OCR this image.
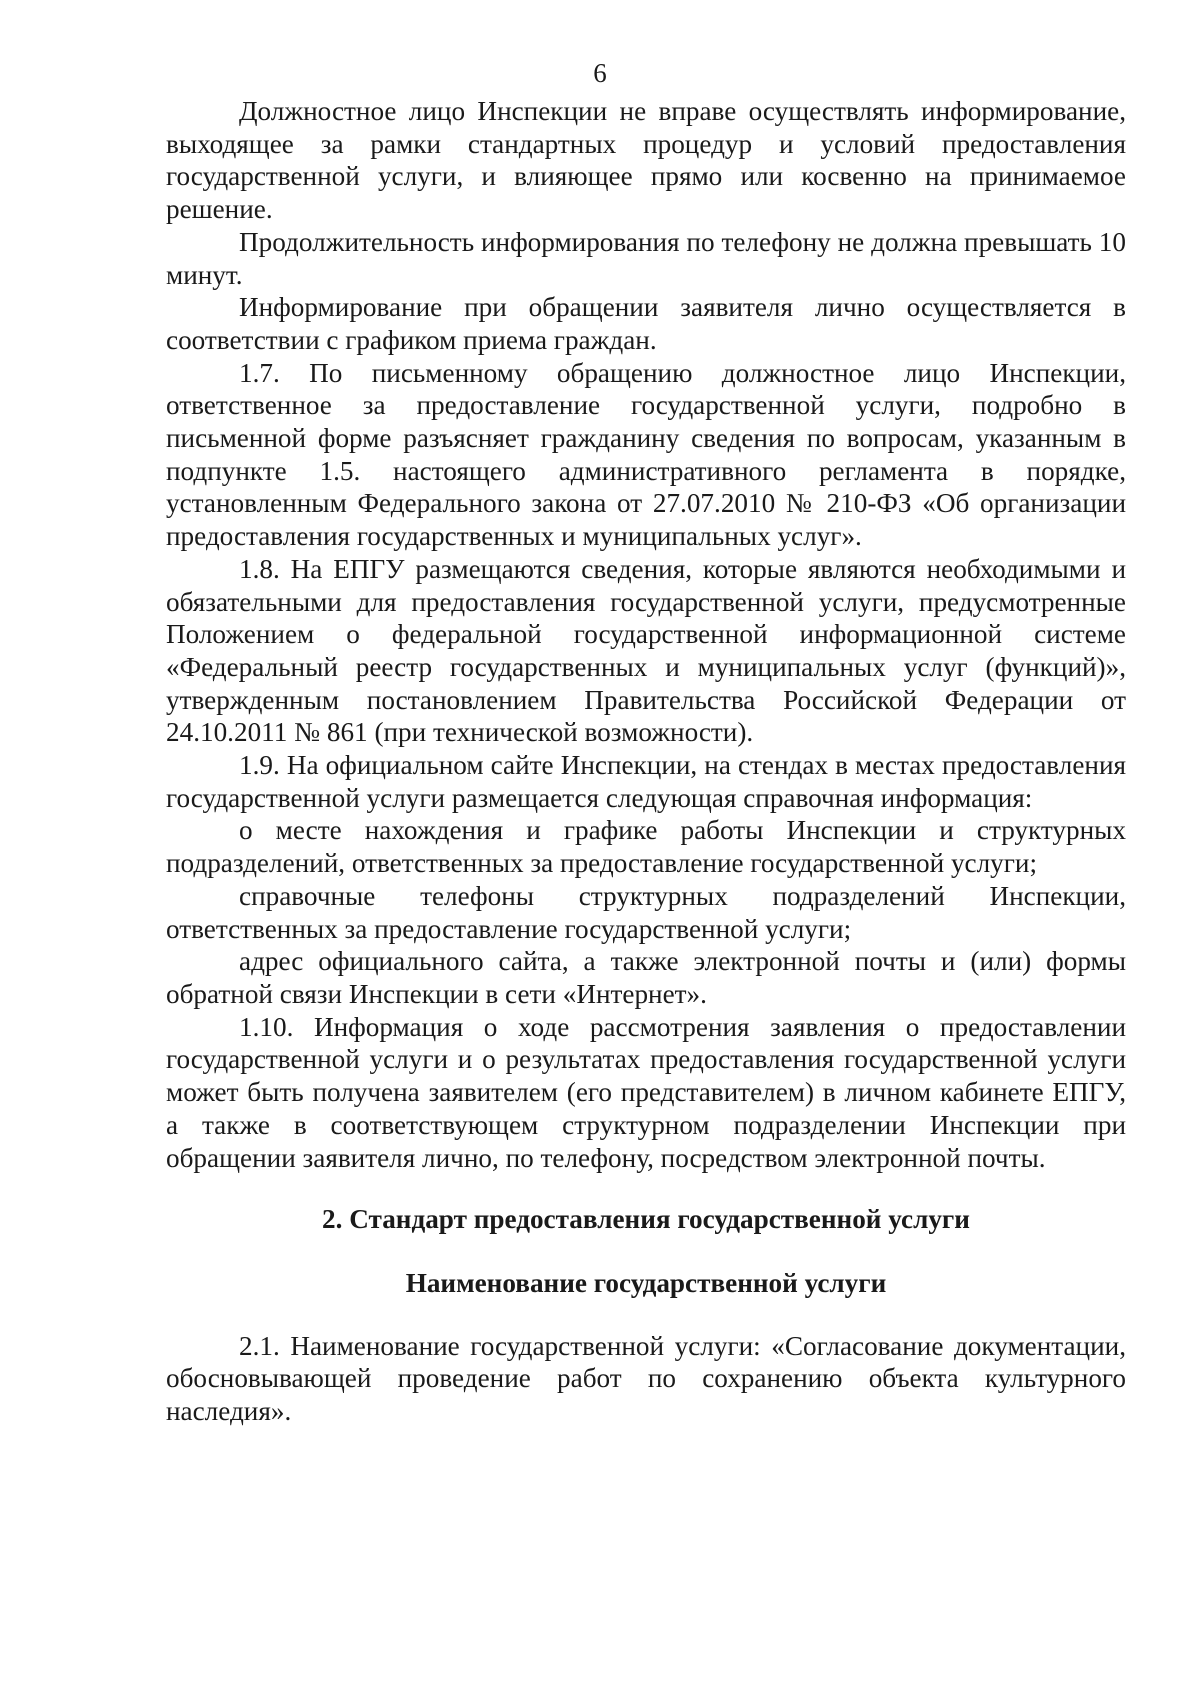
6

Должностное лицо Инспекции не вправе осуществлять информирование, выходящее за рамки стандартных процедур и условий предоставления государственной услуги, и влияющее прямо или косвенно на принимаемое решение.

Продолжительность информирования по телефону не должна превышать 10 минут.

Информирование при обращении заявителя лично осуществляется в соответствии с графиком приема граждан.

1.7. По письменному обращению должностное лицо Инспекции, ответственное за предоставление государственной услуги, подробно в письменной форме разъясняет гражданину сведения по вопросам, указанным в подпункте 1.5. настоящего административного регламента в порядке, установленным Федерального закона от 27.07.2010 № 210-ФЗ «Об организации предоставления государственных и муниципальных услуг».

1.8. На ЕПГУ размещаются сведения, которые являются необходимыми и обязательными для предоставления государственной услуги, предусмотренные Положением о федеральной государственной информационной системе «Федеральный реестр государственных и муниципальных услуг (функций)», утвержденным постановлением Правительства Российской Федерации от 24.10.2011 № 861 (при технической возможности).

1.9. На официальном сайте Инспекции, на стендах в местах предоставления государственной услуги размещается следующая справочная информация:

о месте нахождения и графике работы Инспекции и структурных подразделений, ответственных за предоставление государственной услуги;

справочные телефоны структурных подразделений Инспекции, ответственных за предоставление государственной услуги;

адрес официального сайта, а также электронной почты и (или) формы обратной связи Инспекции в сети «Интернет».

1.10. Информация о ходе рассмотрения заявления о предоставлении государственной услуги и о результатах предоставления государственной услуги может быть получена заявителем (его представителем) в личном кабинете ЕПГУ, а также в соответствующем структурном подразделении Инспекции при обращении заявителя лично, по телефону, посредством электронной почты.

2. Стандарт предоставления государственной услуги

Наименование государственной услуги

2.1. Наименование государственной услуги: «Согласование документации, обосновывающей проведение работ по сохранению объекта культурного наследия».
